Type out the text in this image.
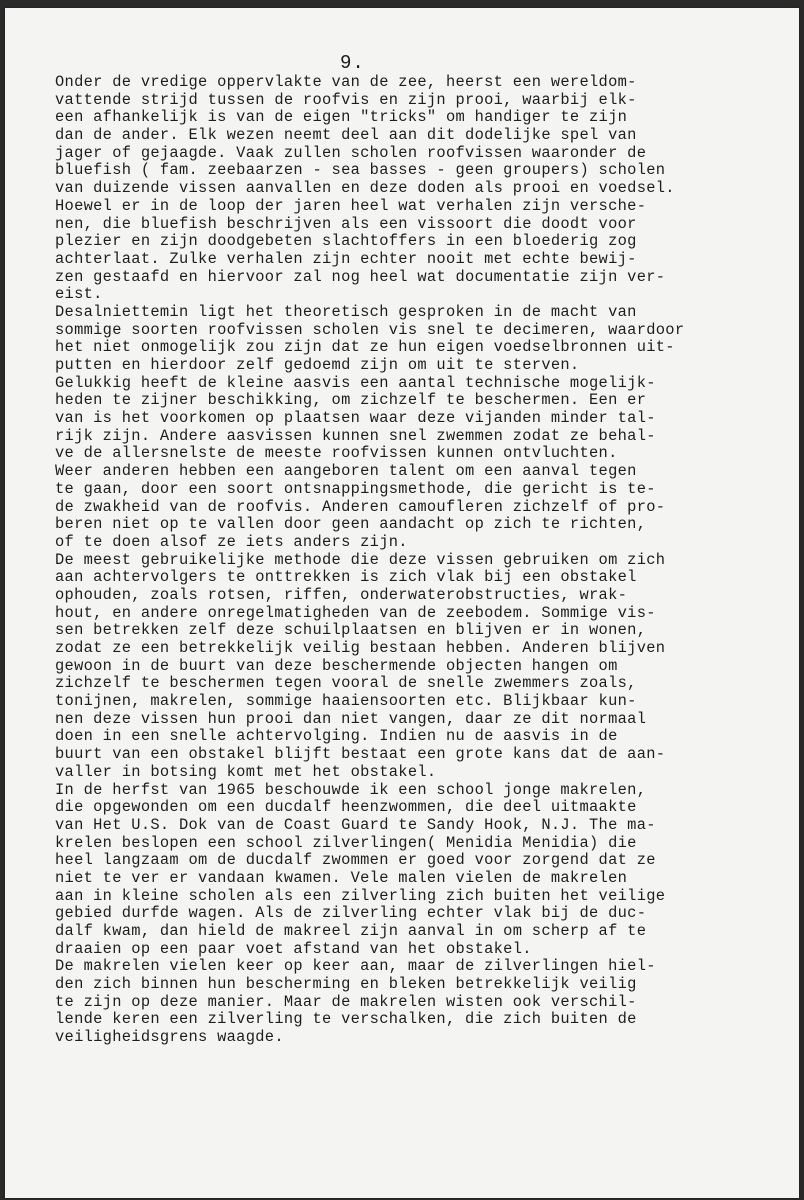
9.
Onder de vredige oppervlakte van de zee, heerst een wereldom-
vattende strijd tussen de roofvis en zijn prooi, waarbij elk-
een afhankelijk is van de eigen "tricks" om handiger te zijn
dan de ander. Elk wezen neemt deel aan dit dodelijke spel van
jager of gejaagde. Vaak zullen scholen roofvissen waaronder de
bluefish ( fam. zeebaarzen - sea basses - geen groupers) scholen
van duizende vissen aanvallen en deze doden als prooi en voedsel.
Hoewel er in de loop der jaren heel wat verhalen zijn versche-
nen, die bluefish beschrijven als een vissoort die doodt voor
plezier en zijn doodgebeten slachtoffers in een bloederig zog
achterlaat. Zulke verhalen zijn echter nooit met echte bewij-
zen gestaafd en hiervoor zal nog heel wat documentatie zijn ver-
eist.
Desalniettemin ligt het theoretisch gesproken in de macht van
sommige soorten roofvissen scholen vis snel te decimeren, waardoor
het niet onmogelijk zou zijn dat ze hun eigen voedselbronnen uit-
putten en hierdoor zelf gedoemd zijn om uit te sterven.
Gelukkig heeft de kleine aasvis een aantal technische mogelijk-
heden te zijner beschikking, om zichzelf te beschermen. Een er
van is het voorkomen op plaatsen waar deze vijanden minder tal-
rijk zijn. Andere aasvissen kunnen snel zwemmen zodat ze behal-
ve de allersnelste de meeste roofvissen kunnen ontvluchten.
Weer anderen hebben een aangeboren talent om een aanval tegen
te gaan, door een soort ontsnappingsmethode, die gericht is te-
de zwakheid van de roofvis. Anderen camoufleren zichzelf of pro-
beren niet op te vallen door geen aandacht op zich te richten,
of te doen alsof ze iets anders zijn.
De meest gebruikelijke methode die deze vissen gebruiken om zich
aan achtervolgers te onttrekken is zich vlak bij een obstakel
ophouden, zoals rotsen, riffen, onderwaterobstructies, wrak-
hout, en andere onregelmatigheden van de zeebodem. Sommige vis-
sen betrekken zelf deze schuilplaatsen en blijven er in wonen,
zodat ze een betrekkelijk veilig bestaan hebben. Anderen blijven
gewoon in de buurt van deze beschermende objecten hangen om
zichzelf te beschermen tegen vooral de snelle zwemmers zoals,
tonijnen, makrelen, sommige haaiensoorten etc. Blijkbaar kun-
nen deze vissen hun prooi dan niet vangen, daar ze dit normaal
doen in een snelle achtervolging. Indien nu de aasvis in de
buurt van een obstakel blijft bestaat een grote kans dat de aan-
valler in botsing komt met het obstakel.
In de herfst van 1965 beschouwde ik een school jonge makrelen,
die opgewonden om een ducdalf heenzwommen, die deel uitmaakte
van Het U.S. Dok van de Coast Guard te Sandy Hook, N.J. The ma-
krelen beslopen een school zilverlingen( Menidia Menidia) die
heel langzaam om de ducdalf zwommen er goed voor zorgend dat ze
niet te ver er vandaan kwamen. Vele malen vielen de makrelen
aan in kleine scholen als een zilverling zich buiten het veilige
gebied durfde wagen. Als de zilverling echter vlak bij de duc-
dalf kwam, dan hield de makreel zijn aanval in om scherp af te
draaien op een paar voet afstand van het obstakel.
De makrelen vielen keer op keer aan, maar de zilverlingen hiel-
den zich binnen hun bescherming en bleken betrekkelijk veilig
te zijn op deze manier. Maar de makrelen wisten ook verschil-
lende keren een zilverling te verschalken, die zich buiten de
veiligheidsgrens waagde.
